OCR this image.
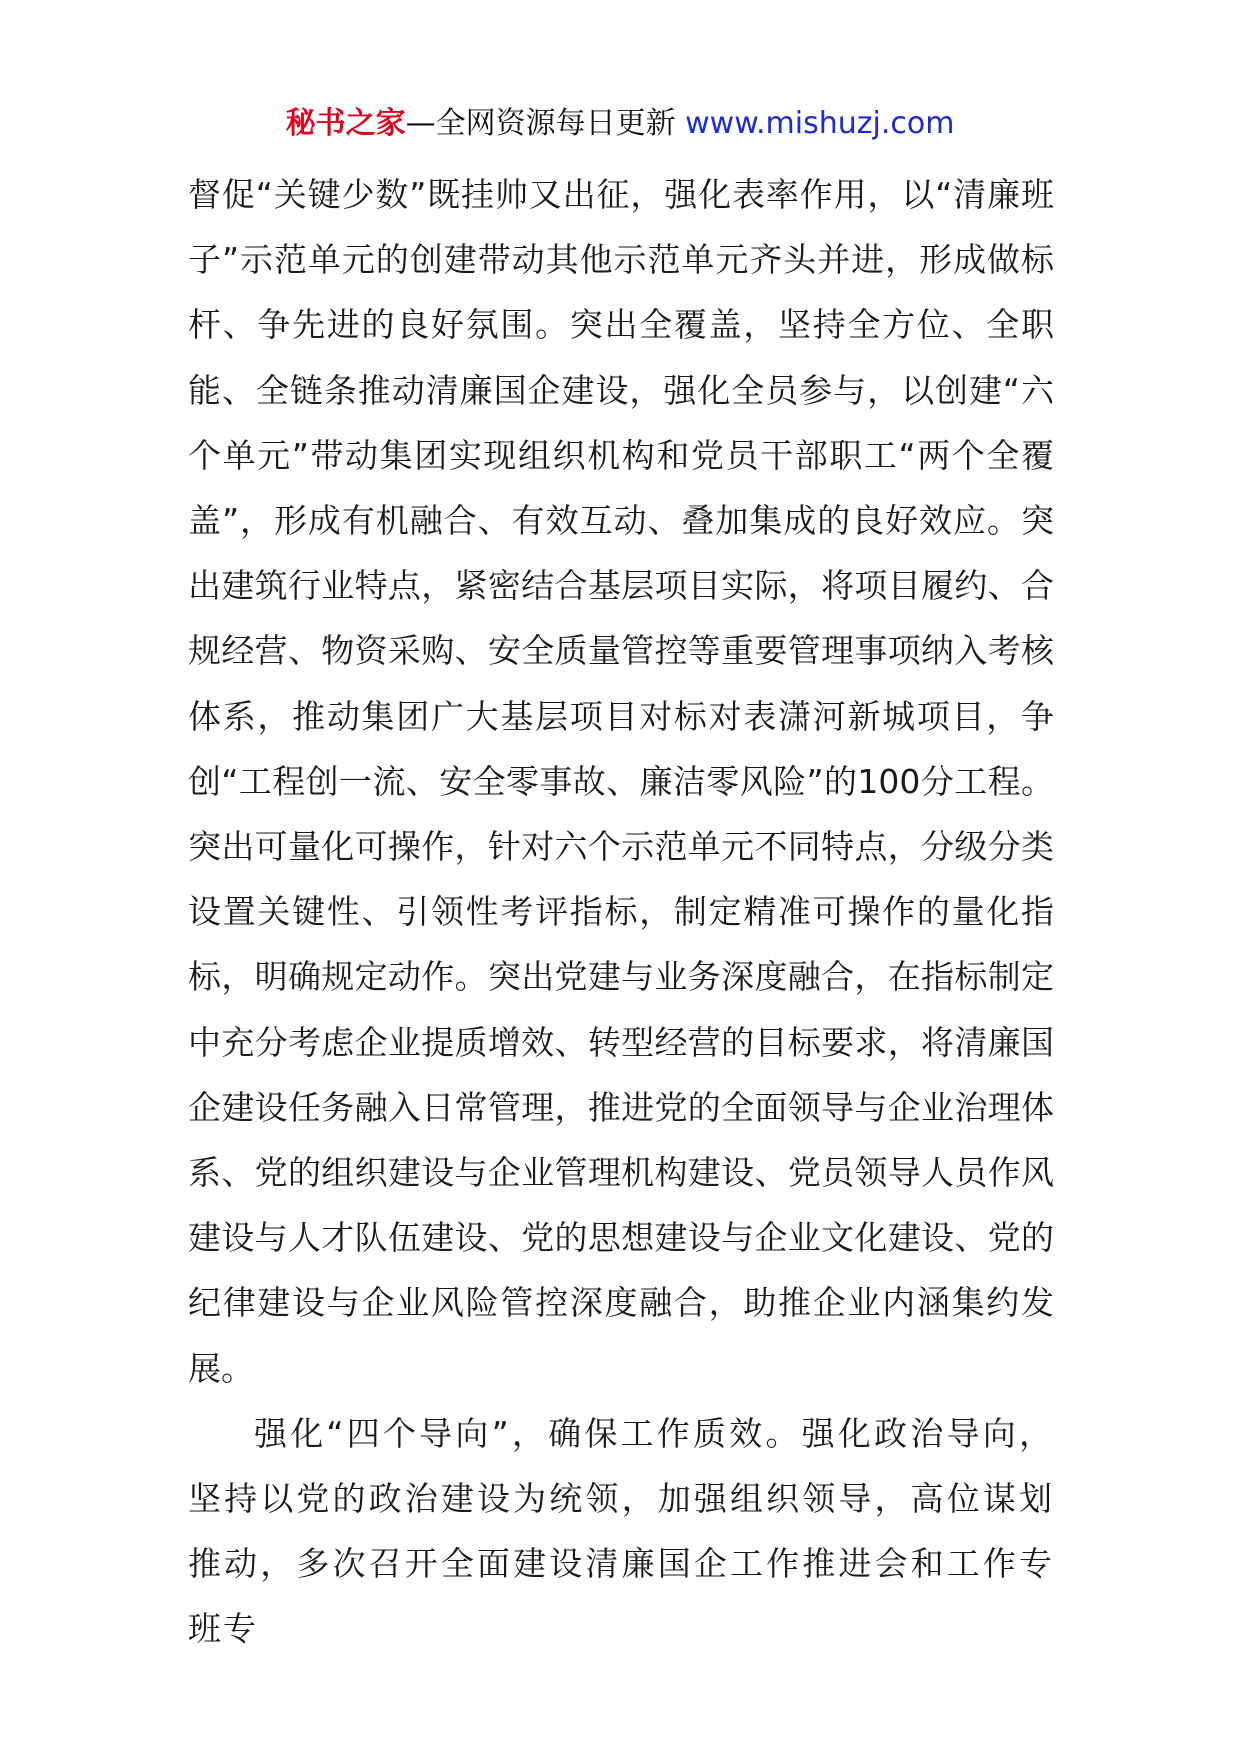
秘书之家—全网资源每日更新 www.mishuzj.com

督促“关键少数”既挂帅又出征，强化表率作用，以“清廉班子”示范单元的创建带动其他示范单元齐头并进，形成做标杆、争先进的良好氛围。突出全覆盖，坚持全方位、全职能、全链条推动清廉国企建设，强化全员参与，以创建“六个单元”带动集团实现组织机构和党员干部职工“两个全覆盖”，形成有机融合、有效互动、叠加集成的良好效应。突出建筑行业特点，紧密结合基层项目实际，将项目履约、合规经营、物资采购、安全质量管控等重要管理事项纳入考核体系，推动集团广大基层项目对标对表潇河新城项目，争创“工程创一流、安全零事故、廉洁零风险”的100分工程。突出可量化可操作，针对六个示范单元不同特点，分级分类设置关键性、引领性考评指标，制定精准可操作的量化指标，明确规定动作。突出党建与业务深度融合，在指标制定中充分考虑企业提质增效、转型经营的目标要求，将清廉国企建设任务融入日常管理，推进党的全面领导与企业治理体系、党的组织建设与企业管理机构建设、党员领导人员作风建设与人才队伍建设、党的思想建设与企业文化建设、党的纪律建设与企业风险管控深度融合，助推企业内涵集约发展。

强化“四个导向”，确保工作质效。强化政治导向，坚持以党的政治建设为统领，加强组织领导，高位谋划推动，多次召开全面建设清廉国企工作推进会和工作专班专
